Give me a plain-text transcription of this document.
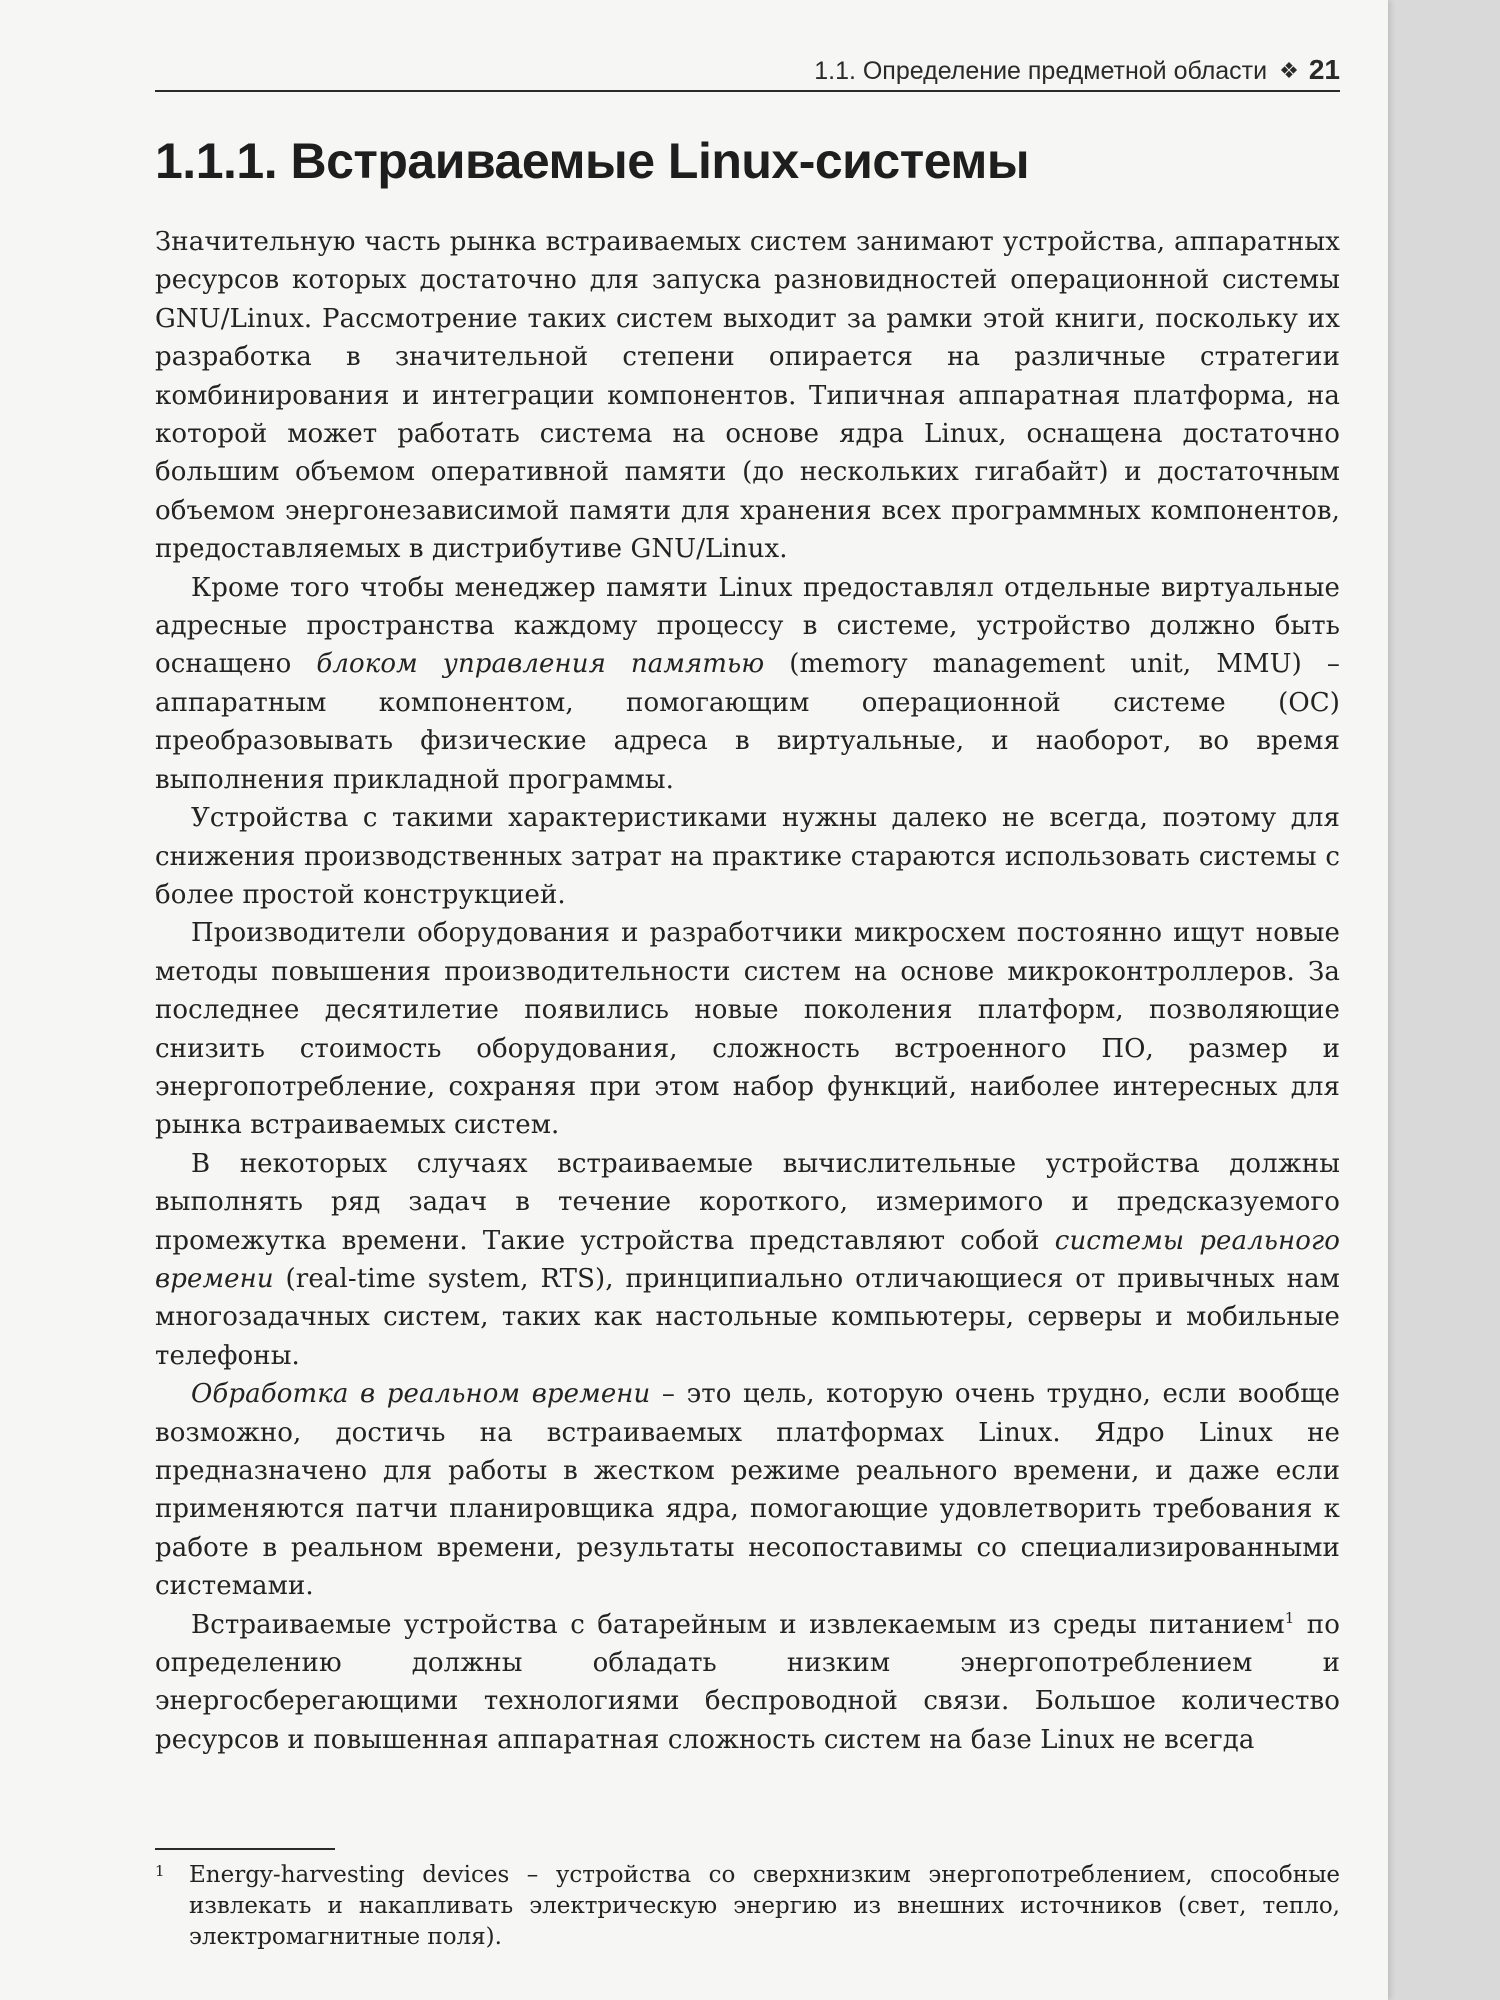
1.1. Определение предметной области ❖ 21
1.1.1. Встраиваемые Linux-системы

Значительную часть рынка встраиваемых систем занимают устройства, аппаратных ресурсов которых достаточно для запуска разновидностей операционной системы GNU/Linux. Рассмотрение таких систем выходит за рамки этой книги, поскольку их разработка в значительной степени опирается на различные стратегии комбинирования и интеграции компонентов. Типичная аппаратная платформа, на которой может работать система на основе ядра Linux, оснащена достаточно большим объемом оперативной памяти (до нескольких гигабайт) и достаточным объемом энергонезависимой памяти для хранения всех программных компонентов, предоставляемых в дистрибутиве GNU/Linux.

Кроме того чтобы менеджер памяти Linux предоставлял отдельные виртуальные адресные пространства каждому процессу в системе, устройство должно быть оснащено блоком управления памятью (memory management unit, MMU) – аппаратным компонентом, помогающим операционной системе (ОС) преобразовывать физические адреса в виртуальные, и наоборот, во время выполнения прикладной программы.

Устройства с такими характеристиками нужны далеко не всегда, поэтому для снижения производственных затрат на практике стараются использовать системы с более простой конструкцией.

Производители оборудования и разработчики микросхем постоянно ищут новые методы повышения производительности систем на основе микроконтроллеров. За последнее десятилетие появились новые поколения платформ, позволяющие снизить стоимость оборудования, сложность встроенного ПО, размер и энергопотребление, сохраняя при этом набор функций, наиболее интересных для рынка встраиваемых систем.

В некоторых случаях встраиваемые вычислительные устройства должны выполнять ряд задач в течение короткого, измеримого и предсказуемого промежутка времени. Такие устройства представляют собой системы реального времени (real-time system, RTS), принципиально отличающиеся от привычных нам многозадачных систем, таких как настольные компьютеры, серверы и мобильные телефоны.

Обработка в реальном времени – это цель, которую очень трудно, если вообще возможно, достичь на встраиваемых платформах Linux. Ядро Linux не предназначено для работы в жестком режиме реального времени, и даже если применяются патчи планировщика ядра, помогающие удовлетворить требования к работе в реальном времени, результаты несопоставимы со специализированными системами.

Встраиваемые устройства с батарейным и извлекаемым из среды питанием$^1$ по определению должны обладать низким энергопотреблением и энергосберегающими технологиями беспроводной связи. Большое количество ресурсов и повышенная аппаратная сложность систем на базе Linux не всегда

1 Energy-harvesting devices – устройства со сверхнизким энергопотреблением, способные извлекать и накапливать электрическую энергию из внешних источников (свет, тепло, электромагнитные поля).
